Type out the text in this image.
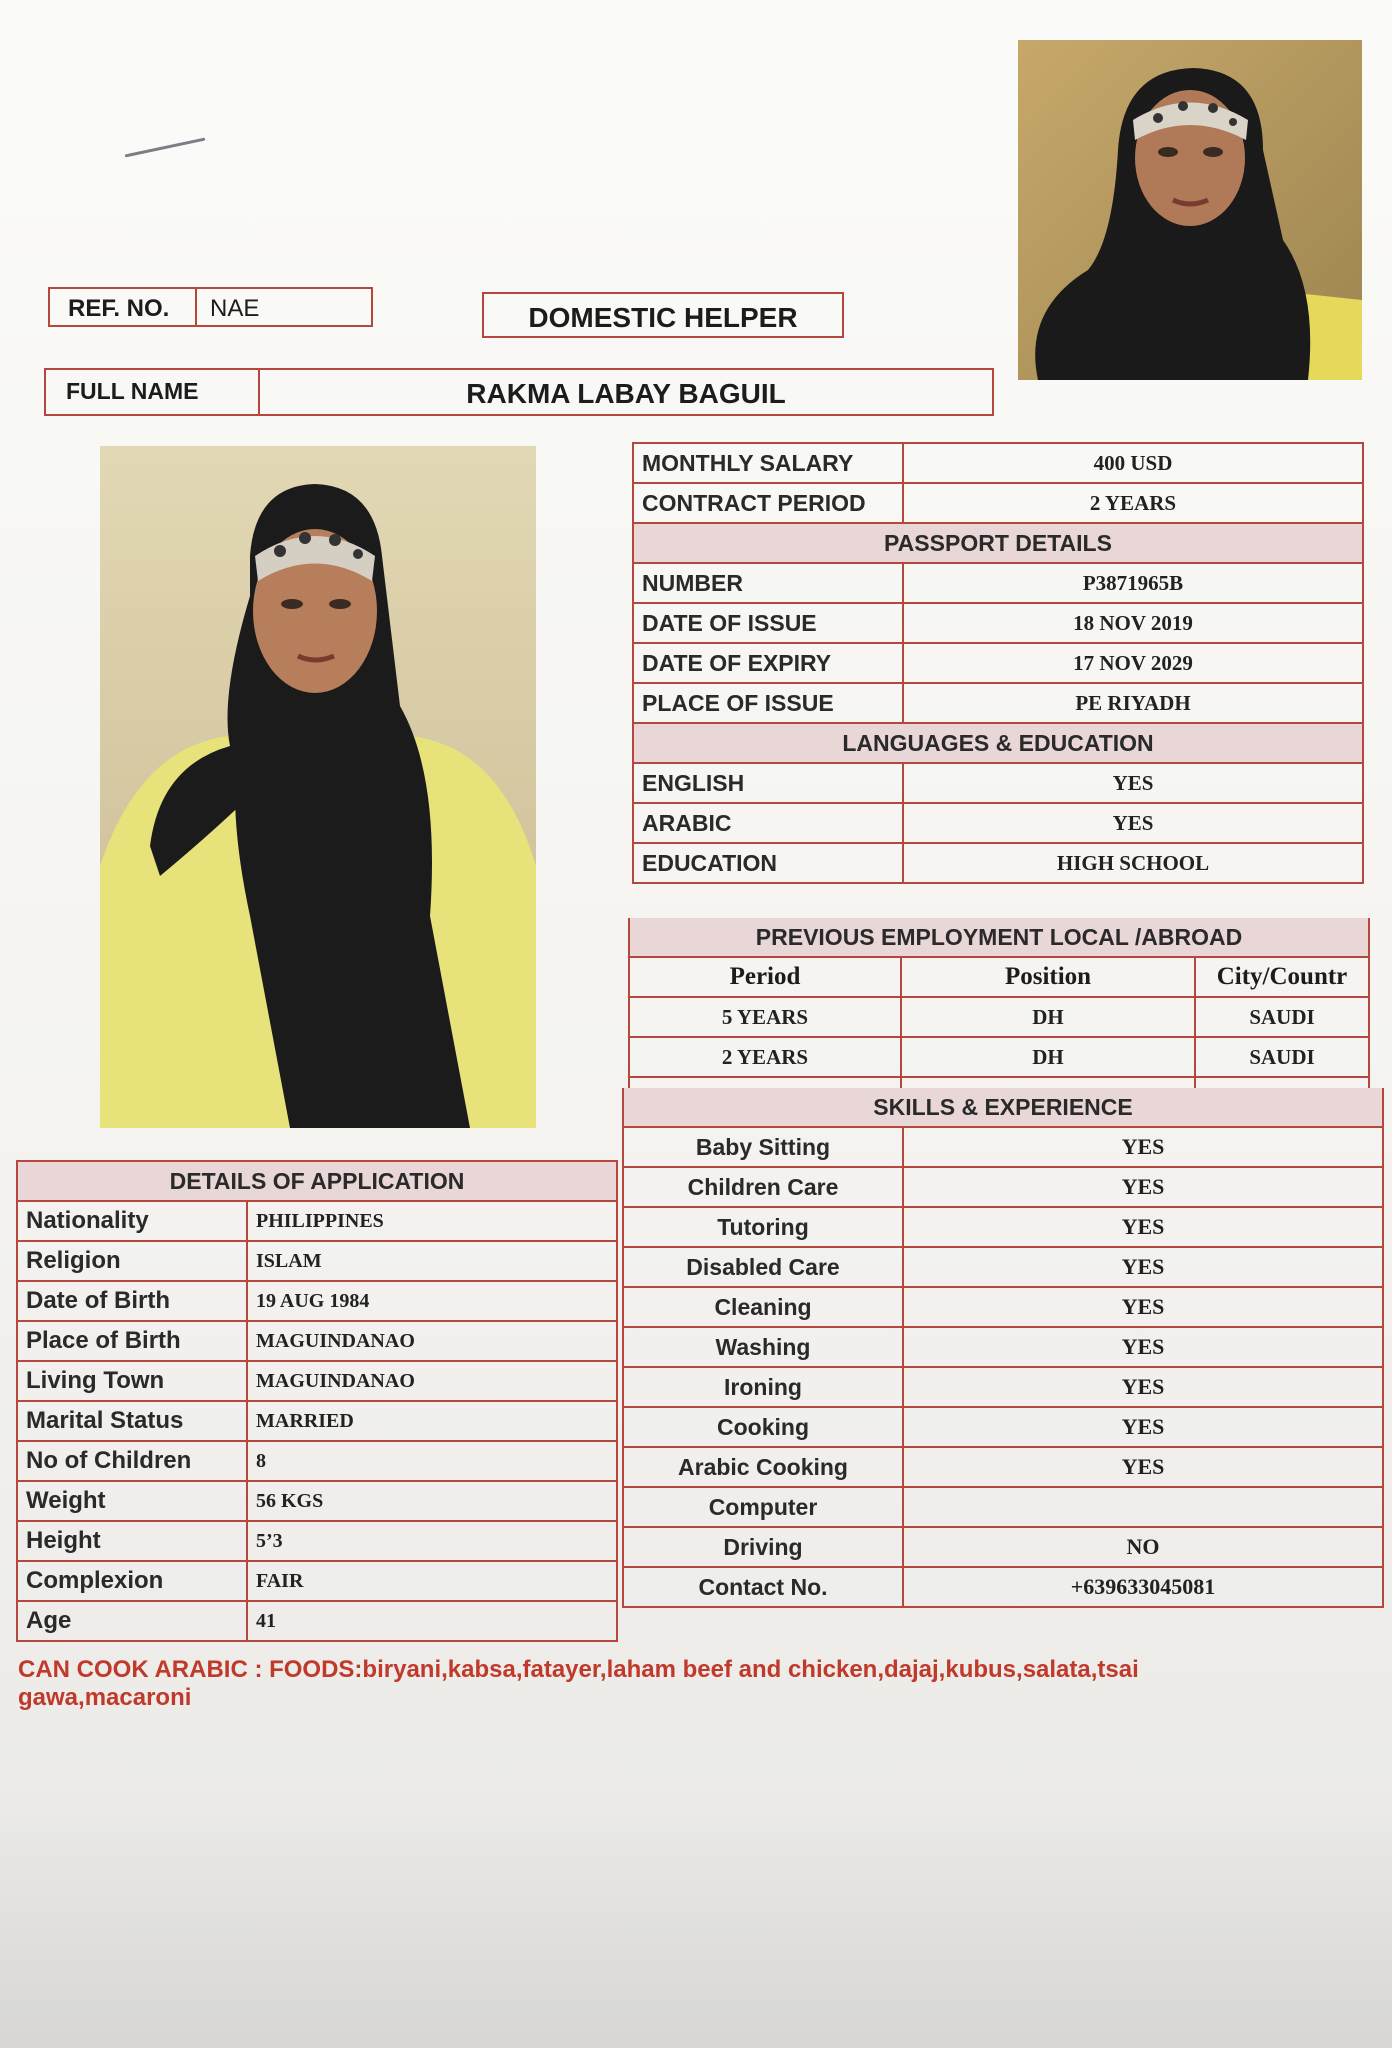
REF. NO. NAE	DOMESTIC HELPER
FULL NAME	RAKMA LABAY BAGUIL
MONTHLY SALARY	400 USD
CONTRACT PERIOD	2 YEARS
PASSPORT DETAILS	
NUMBER	P3871965B
DATE OF ISSUE	18 NOV 2019
DATE OF EXPIRY	17 NOV 2029
PLACE OF ISSUE	PE RIYADH
LANGUAGES & EDUCATION	
ENGLISH	YES
ARABIC	YES
EDUCATION	HIGH SCHOOL
PREVIOUS EMPLOYMENT LOCAL /ABROAD		
Period	Position	City/Countr
5 YEARS	DH	SAUDI
2 YEARS	DH	SAUDI

SKILLS & EXPERIENCE	
Baby Sitting	YES
Children Care	YES
Tutoring	YES
Disabled Care	YES
Cleaning	YES
Washing	YES
Ironing	YES
Cooking	YES
Arabic Cooking	YES
Computer	
Driving	NO
Contact No.	+639633045081
DETAILS OF APPLICATION	
Nationality	PHILIPPINES
Religion	ISLAM
Date of Birth	19 AUG 1984
Place of Birth	MAGUINDANAO
Living Town	MAGUINDANAO
Marital Status	MARRIED
No of Children	8
Weight	56 KGS
Height	5’3
Complexion	FAIR
Age	41
CAN COOK ARABIC : FOODS:biryani,kabsa,fatayer,laham beef and chicken,dajaj,kubus,salata,tsai gawa,macaroni
